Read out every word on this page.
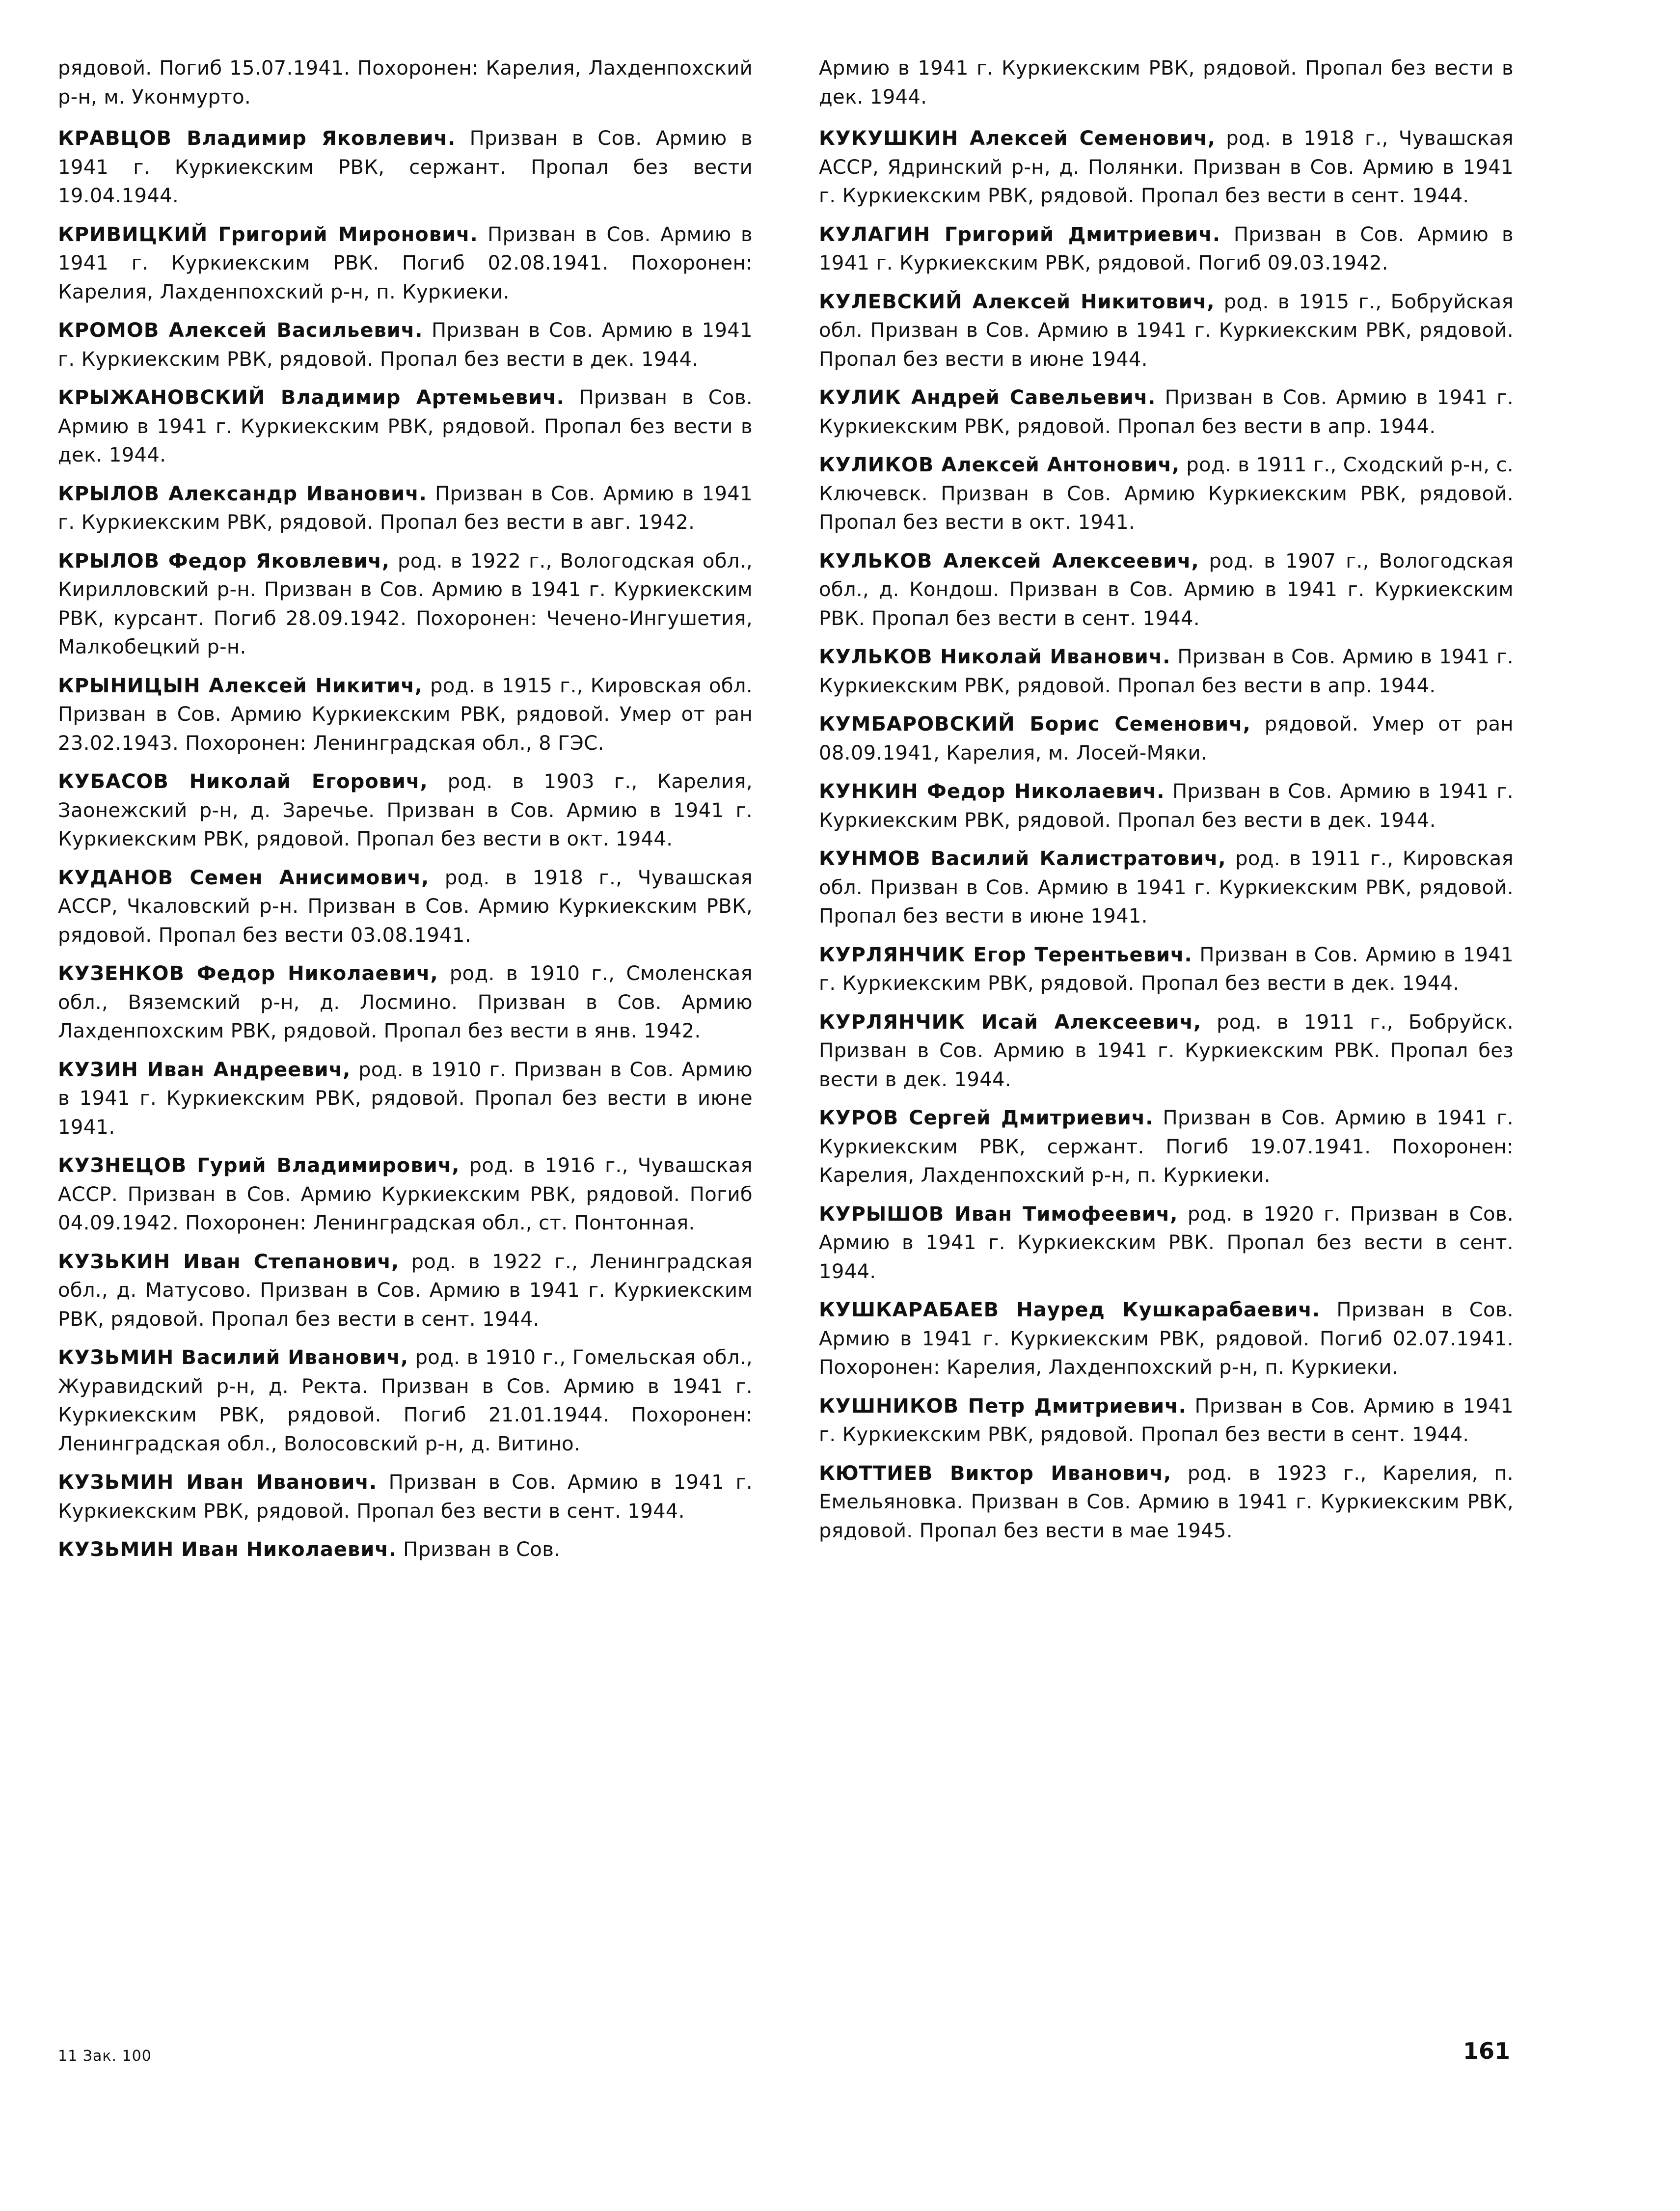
рядовой. Погиб 15.07.1941. Похоронен: Карелия, Лахденпохский р-н, м. Уконмурто.

КРАВЦОВ Владимир Яковлевич. Призван в Сов. Армию в 1941 г. Куркиекским РВК, сержант. Пропал без вести 19.04.1944.

КРИВИЦКИЙ Григорий Миронович. Призван в Сов. Армию в 1941 г. Куркиекским РВК. Погиб 02.08.1941. Похоронен: Карелия, Лахденпохский р-н, п. Куркиеки.

КРОМОВ Алексей Васильевич. Призван в Сов. Армию в 1941 г. Куркиекским РВК, рядовой. Пропал без вести в дек. 1944.

КРЫЖАНОВСКИЙ Владимир Артемьевич. Призван в Сов. Армию в 1941 г. Куркиекским РВК, рядовой. Пропал без вести в дек. 1944.

КРЫЛОВ Александр Иванович. Призван в Сов. Армию в 1941 г. Куркиекским РВК, рядовой. Пропал без вести в авг. 1942.

КРЫЛОВ Федор Яковлевич, род. в 1922 г., Вологодская обл., Кирилловский р-н. Призван в Сов. Армию в 1941 г. Куркиекским РВК, курсант. Погиб 28.09.1942. Похоронен: Чечено-Ингушетия, Малкобецкий р-н.

КРЫНИЦЫН Алексей Никитич, род. в 1915 г., Кировская обл. Призван в Сов. Армию Куркиекским РВК, рядовой. Умер от ран 23.02.1943. Похоронен: Ленинградская обл., 8 ГЭС.

КУБАСОВ Николай Егорович, род. в 1903 г., Карелия, Заонежский р-н, д. Заречье. Призван в Сов. Армию в 1941 г. Куркиекским РВК, рядовой. Пропал без вести в окт. 1944.

КУДАНОВ Семен Анисимович, род. в 1918 г., Чувашская АССР, Чкаловский р-н. Призван в Сов. Армию Куркиекским РВК, рядовой. Пропал без вести 03.08.1941.

КУЗЕНКОВ Федор Николаевич, род. в 1910 г., Смоленская обл., Вяземский р-н, д. Лосмино. Призван в Сов. Армию Лахденпохским РВК, рядовой. Пропал без вести в янв. 1942.

КУЗИН Иван Андреевич, род. в 1910 г. Призван в Сов. Армию в 1941 г. Куркиекским РВК, рядовой. Пропал без вести в июне 1941.

КУЗНЕЦОВ Гурий Владимирович, род. в 1916 г., Чувашская АССР. Призван в Сов. Армию Куркиекским РВК, рядовой. Погиб 04.09.1942. Похоронен: Ленинградская обл., ст. Понтонная.

КУЗЬКИН Иван Степанович, род. в 1922 г., Ленинградская обл., д. Матусово. Призван в Сов. Армию в 1941 г. Куркиекским РВК, рядовой. Пропал без вести в сент. 1944.

КУЗЬМИН Василий Иванович, род. в 1910 г., Гомельская обл., Журавидский р-н, д. Ректа. Призван в Сов. Армию в 1941 г. Куркиекским РВК, рядовой. Погиб 21.01.1944. Похоронен: Ленинградская обл., Волосовский р-н, д. Витино.

КУЗЬМИН Иван Иванович. Призван в Сов. Армию в 1941 г. Куркиекским РВК, рядовой. Пропал без вести в сент. 1944.

КУЗЬМИН Иван Николаевич. Призван в Сов.

Армию в 1941 г. Куркиекским РВК, рядовой. Пропал без вести в дек. 1944.

КУКУШКИН Алексей Семенович, род. в 1918 г., Чувашская АССР, Ядринский р-н, д. Полянки. Призван в Сов. Армию в 1941 г. Куркиекским РВК, рядовой. Пропал без вести в сент. 1944.

КУЛАГИН Григорий Дмитриевич. Призван в Сов. Армию в 1941 г. Куркиекским РВК, рядовой. Погиб 09.03.1942.

КУЛЕВСКИЙ Алексей Никитович, род. в 1915 г., Бобруйская обл. Призван в Сов. Армию в 1941 г. Куркиекским РВК, рядовой. Пропал без вести в июне 1944.

КУЛИК Андрей Савельевич. Призван в Сов. Армию в 1941 г. Куркиекским РВК, рядовой. Пропал без вести в апр. 1944.

КУЛИКОВ Алексей Антонович, род. в 1911 г., Сходский р-н, с. Ключевск. Призван в Сов. Армию Куркиекским РВК, рядовой. Пропал без вести в окт. 1941.

КУЛЬКОВ Алексей Алексеевич, род. в 1907 г., Вологодская обл., д. Кондош. Призван в Сов. Армию в 1941 г. Куркиекским РВК. Пропал без вести в сент. 1944.

КУЛЬКОВ Николай Иванович. Призван в Сов. Армию в 1941 г. Куркиекским РВК, рядовой. Пропал без вести в апр. 1944.

КУМБАРОВСКИЙ Борис Семенович, рядовой. Умер от ран 08.09.1941, Карелия, м. Лосей-Мяки.

КУНКИН Федор Николаевич. Призван в Сов. Армию в 1941 г. Куркиекским РВК, рядовой. Пропал без вести в дек. 1944.

КУНМОВ Василий Калистратович, род. в 1911 г., Кировская обл. Призван в Сов. Армию в 1941 г. Куркиекским РВК, рядовой. Пропал без вести в июне 1941.

КУРЛЯНЧИК Егор Терентьевич. Призван в Сов. Армию в 1941 г. Куркиекским РВК, рядовой. Пропал без вести в дек. 1944.

КУРЛЯНЧИК Исай Алексеевич, род. в 1911 г., Бобруйск. Призван в Сов. Армию в 1941 г. Куркиекским РВК. Пропал без вести в дек. 1944.

КУРОВ Сергей Дмитриевич. Призван в Сов. Армию в 1941 г. Куркиекским РВК, сержант. Погиб 19.07.1941. Похоронен: Карелия, Лахденпохский р-н, п. Куркиеки.

КУРЫШОВ Иван Тимофеевич, род. в 1920 г. Призван в Сов. Армию в 1941 г. Куркиекским РВК. Пропал без вести в сент. 1944.

КУШКАРАБАЕВ Науред Кушкарабаевич. Призван в Сов. Армию в 1941 г. Куркиекским РВК, рядовой. Погиб 02.07.1941. Похоронен: Карелия, Лахденпохский р-н, п. Куркиеки.

КУШНИКОВ Петр Дмитриевич. Призван в Сов. Армию в 1941 г. Куркиекским РВК, рядовой. Пропал без вести в сент. 1944.

КЮТТИЕВ Виктор Иванович, род. в 1923 г., Карелия, п. Емельяновка. Призван в Сов. Армию в 1941 г. Куркиекским РВК, рядовой. Пропал без вести в мае 1945.

11 Зак. 100	161
